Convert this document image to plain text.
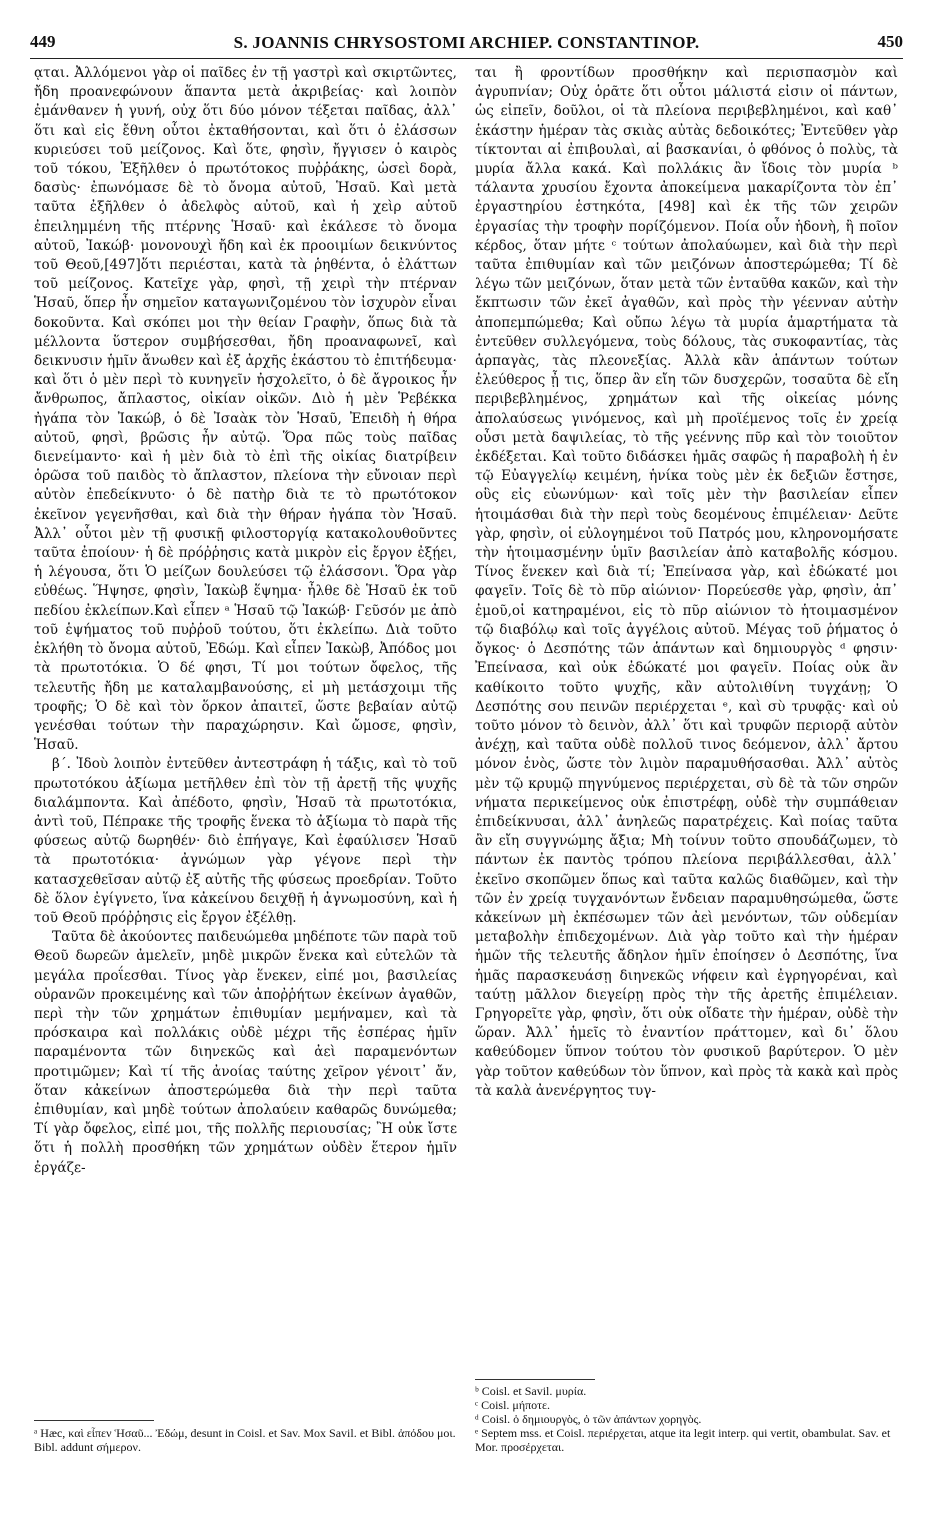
449	S. JOANNIS CHRYSOSTOMI ARCHIEP. CONSTANTINOP.	450

ᾳται. Ἀλλόμενοι γὰρ οἱ παῖδες ἐν τῇ γαστρὶ καὶ σκιρτῶντες, ἤδη προανεφώνουν ἅπαντα μετὰ ἀκριβείας· καὶ λοιπὸν ἐμάνθανεν ἡ γυνή, οὐχ ὅτι δύο μόνον τέξεται παῖδας, ἀλλ᾽ ὅτι καὶ εἰς ἔθνη οὗτοι ἐκταθήσονται, καὶ ὅτι ὁ ἐλάσσων κυριεύσει τοῦ μείζονος. Καὶ ὅτε, φησὶν, ἤγγισεν ὁ καιρὸς τοῦ τόκου, Ἐξῆλθεν ὁ πρωτότοκος πυῤῥάκης, ὡσεὶ δορὰ, δασὺς· ἐπωνόμασε δὲ τὸ ὄνομα αὐτοῦ, Ἡσαῦ. Καὶ μετὰ ταῦτα ἐξῆλθεν ὁ ἀδελφὸς αὐτοῦ, καὶ ἡ χεὶρ αὐτοῦ ἐπειλημμένη τῆς πτέρνης Ἡσαῦ· καὶ ἐκάλεσε τὸ ὄνομα αὐτοῦ, Ἰακώβ· μονονουχὶ ἤδη καὶ ἐκ προοιμίων δεικνύντος τοῦ Θεοῦ,[497]ὅτι περιέσται, κατὰ τὰ ῥηθέντα, ὁ ἐλάττων τοῦ μείζονος. Κατεῖχε γὰρ, φησὶ, τῇ χειρὶ τὴν πτέρναν Ἡσαῦ, ὅπερ ἦν σημεῖον καταγωνιζομένου τὸν ἰσχυρὸν εἶναι δοκοῦντα. Καὶ σκόπει μοι τὴν θείαν Γραφὴν, ὅπως διὰ τὰ μέλλοντα ὕστερον συμβήσεσθαι, ἤδη προαναφωνεῖ, καὶ δεικνυσιν ἡμῖν ἄνωθεν καὶ ἐξ ἀρχῆς ἑκάστου τὸ ἐπιτήδευμα· καὶ ὅτι ὁ μὲν περὶ τὸ κυνηγεῖν ἠσχολεῖτο, ὁ δὲ ἄγροικος ἦν ἄνθρωπος, ἄπλαστος, οἰκίαν οἰκῶν. Διὸ ἡ μὲν Ῥεβέκκα ἠγάπα τὸν Ἰακώβ, ὁ δὲ Ἰσαὰκ τὸν Ἡσαῦ, Ἐπειδὴ ἡ θήρα αὐτοῦ, φησὶ, βρῶσις ἦν αὐτῷ. Ὅρα πῶς τοὺς παῖδας διενείμαντο· καὶ ἡ μὲν διὰ τὸ ἐπὶ τῆς οἰκίας διατρίβειν ὁρῶσα τοῦ παιδὸς τὸ ἄπλαστον, πλείονα τὴν εὔνοιαν περὶ αὐτὸν ἐπεδείκνυτο· ὁ δὲ πατὴρ διὰ τε τὸ πρωτότοκον ἐκεῖνον γεγενῆσθαι, καὶ διὰ τὴν θήραν ἠγάπα τὸν Ἡσαῦ. Ἀλλ᾽ οὗτοι μὲν τῇ φυσικῇ φιλοστοργίᾳ κατακολουθοῦντες ταῦτα ἐποίουν· ἡ δὲ πρόῤῥησις κατὰ μικρὸν εἰς ἔργον ἐξῄει, ἡ λέγουσα, ὅτι Ὁ μείζων δουλεύσει τῷ ἐλάσσονι. Ὅρα γὰρ εὐθέως. Ἥψησε, φησὶν, Ἰακὼβ ἕψημα· ἦλθε δὲ Ἡσαῦ ἐκ τοῦ πεδίου ἐκλείπων.Καὶ εἶπεν ᵃ Ἡσαῦ τῷ Ἰακώβ· Γεῦσόν με ἀπὸ τοῦ ἑψήματος τοῦ πυῤῥοῦ τούτου, ὅτι ἐκλείπω. Διὰ τοῦτο ἐκλήθη τὸ ὄνομα αὐτοῦ, Ἐδώμ. Καὶ εἶπεν Ἰακὼβ, Ἀπόδος μοι τὰ πρωτοτόκια. Ὁ δέ φησι, Τί μοι τούτων ὄφελος, τῆς τελευτῆς ἤδη με καταλαμβανούσης, εἰ μὴ μετάσχοιμι τῆς τροφῆς; Ὁ δὲ καὶ τὸν ὅρκον ἀπαιτεῖ, ὥστε βεβαίαν αὐτῷ γενέσθαι τούτων τὴν παραχώρησιν. Καὶ ὤμοσε, φησὶν, Ἡσαῦ.

β΄. Ἰδοὺ λοιπὸν ἐντεῦθεν ἀντεστράφη ἡ τάξις, καὶ τὸ τοῦ πρωτοτόκου ἀξίωμα μετῆλθεν ἐπὶ τὸν τῇ ἀρετῇ τῆς ψυχῆς διαλάμποντα. Καὶ ἀπέδοτο, φησὶν, Ἡσαῦ τὰ πρωτοτόκια, ἀντὶ τοῦ, Πέπρακε τῆς τροφῆς ἕνεκα τὸ ἀξίωμα τὸ παρὰ τῆς φύσεως αὐτῷ δωρηθέν· διὸ ἐπήγαγε, Καὶ ἐφαύλισεν Ἡσαῦ τὰ πρωτοτόκια· ἀγνώμων γὰρ γέγονε περὶ τὴν κατασχεθεῖσαν αὐτῷ ἐξ αὐτῆς τῆς φύσεως προεδρίαν. Τοῦτο δὲ ὅλον ἐγίγνετο, ἵνα κἀκείνου δειχθῇ ἡ ἀγνωμοσύνη, καὶ ἡ τοῦ Θεοῦ πρόῤῥησις εἰς ἔργον ἐξέλθῃ.

Ταῦτα δὲ ἀκούοντες παιδευώμεθα μηδέποτε τῶν παρὰ τοῦ Θεοῦ δωρεῶν ἀμελεῖν, μηδὲ μικρῶν ἕνεκα καὶ εὐτελῶν τὰ μεγάλα προΐεσθαι. Τίνος γὰρ ἕνεκεν, εἰπέ μοι, βασιλείας οὐρανῶν προκειμένης καὶ τῶν ἀποῤῥήτων ἐκείνων ἀγαθῶν, περὶ τὴν τῶν χρημάτων ἐπιθυμίαν μεμήναμεν, καὶ τὰ πρόσκαιρα καὶ πολλάκις οὐδὲ μέχρι τῆς ἑσπέρας ἡμῖν παραμένοντα τῶν διηνεκῶς καὶ ἀεὶ παραμενόντων προτιμῶμεν; Καὶ τί τῆς ἀνοίας ταύτης χεῖρον γένοιτ᾽ ἄν, ὅταν κἀκείνων ἀποστερώμεθα διὰ τὴν περὶ ταῦτα ἐπιθυμίαν, καὶ μηδὲ τούτων ἀπολαύειν καθαρῶς δυνώμεθα; Τί γὰρ ὄφελος, εἰπέ μοι, τῆς πολλῆς περιουσίας; Ἢ οὐκ ἴστε ὅτι ἡ πολλὴ προσθήκη τῶν χρημάτων οὐδὲν ἕτερον ἡμῖν ἐργάζε-

ται ἢ φροντίδων προσθήκην καὶ περισπασμὸν καὶ ἀγρυπνίαν; Οὐχ ὁρᾶτε ὅτι οὗτοι μάλιστά εἰσιν οἱ πάντων, ὡς εἰπεῖν, δοῦλοι, οἱ τὰ πλείονα περιβεβλημένοι, καὶ καθ᾽ ἑκάστην ἡμέραν τὰς σκιὰς αὐτὰς δεδοικότες; Ἐντεῦθεν γὰρ τίκτονται αἱ ἐπιβουλαὶ, αἱ βασκανίαι, ὁ φθόνος ὁ πολὺς, τὰ μυρία ἄλλα κακά. Καὶ πολλάκις ἂν ἴδοις τὸν μυρία ᵇ τάλαντα χρυσίου ἔχοντα ἀποκείμενα μακαρίζοντα τὸν ἐπ᾽ ἐργαστηρίου ἑστηκότα, [498] καὶ ἐκ τῆς τῶν χειρῶν ἐργασίας τὴν τροφὴν πορίζόμενον. Ποία οὖν ἡδονὴ, ἢ ποῖον κέρδος, ὅταν μήτε ᶜ τούτων ἀπολαύωμεν, καὶ διὰ τὴν περὶ ταῦτα ἐπιθυμίαν καὶ τῶν μειζόνων ἀποστερώμεθα; Τί δὲ λέγω τῶν μειζόνων, ὅταν μετὰ τῶν ἐνταῦθα κακῶν, καὶ τὴν ἔκπτωσιν τῶν ἐκεῖ ἀγαθῶν, καὶ πρὸς τὴν γέενναν αὐτὴν ἀποπεμπώμεθα; Καὶ οὔπω λέγω τὰ μυρία ἁμαρτήματα τὰ ἐντεῦθεν συλλεγόμενα, τοὺς δόλους, τὰς συκοφαντίας, τὰς ἁρπαγὰς, τὰς πλεονεξίας. Ἀλλὰ κἂν ἁπάντων τούτων ἐλεύθερος ᾖ τις, ὅπερ ἂν εἴη τῶν δυσχερῶν, τοσαῦτα δὲ εἴη περιβεβλημένος, χρημάτων καὶ τῆς οἰκείας μόνης ἀπολαύσεως γινόμενος, καὶ μὴ προϊέμενος τοῖς ἐν χρείᾳ οὖσι μετὰ δαψιλείας, τὸ τῆς γεέννης πῦρ καὶ τὸν τοιοῦτον ἐκδέξεται. Καὶ τοῦτο διδάσκει ἡμᾶς σαφῶς ἡ παραβολὴ ἡ ἐν τῷ Εὐαγγελίῳ κειμένη, ἡνίκα τοὺς μὲν ἐκ δεξιῶν ἔστησε, οὓς εἰς εὐωνύμων· καὶ τοῖς μὲν τὴν βασιλείαν εἶπεν ἡτοιμάσθαι διὰ τὴν περὶ τοὺς δεομένους ἐπιμέλειαν· Δεῦτε γὰρ, φησὶν, οἱ εὐλογημένοι τοῦ Πατρός μου, κληρονομήσατε τὴν ἡτοιμασμένην ὑμῖν βασιλείαν ἀπὸ καταβολῆς κόσμου. Τίνος ἕνεκεν καὶ διὰ τί; Ἐπείνασα γὰρ, καὶ ἐδώκατέ μοι φαγεῖν. Τοῖς δὲ τὸ πῦρ αἰώνιον· Πορεύεσθε γὰρ, φησὶν, ἀπ᾽ ἐμοῦ,οἱ κατηραμένοι, εἰς τὸ πῦρ αἰώνιον τὸ ἡτοιμασμένον τῷ διαβόλῳ καὶ τοῖς ἀγγέλοις αὐτοῦ. Μέγας τοῦ ῥήματος ὁ ὄγκος· ὁ Δεσπότης τῶν ἁπάντων καὶ δημιουργὸς ᵈ φησιν· Ἐπείνασα, καὶ οὐκ ἐδώκατέ μοι φαγεῖν. Ποίας οὐκ ἂν καθίκοιτο τοῦτο ψυχῆς, κἂν αὐτολιθίνη τυγχάνῃ; Ὁ Δεσπότης σου πεινῶν περιέρχεται ᵉ, καὶ σὺ τρυφᾷς· καὶ οὐ τοῦτο μόνον τὸ δεινὸν, ἀλλ᾽ ὅτι καὶ τρυφῶν περιορᾷ αὐτὸν ἀνέχῃ, καὶ ταῦτα οὐδὲ πολλοῦ τινος δεόμενον, ἀλλ᾽ ἄρτου μόνον ἑνὸς, ὥστε τὸν λιμὸν παραμυθήσασθαι. Ἀλλ᾽ αὐτὸς μὲν τῷ κρυμῷ πηγνύμενος περιέρχεται, σὺ δὲ τὰ τῶν σηρῶν νήματα περικείμενος οὐκ ἐπιστρέφῃ, οὐδὲ τὴν συμπάθειαν ἐπιδείκνυσαι, ἀλλ᾽ ἀνηλεῶς παρατρέχεις. Καὶ ποίας ταῦτα ἂν εἴη συγγνώμης ἄξια; Μὴ τοίνυν τοῦτο σπουδάζωμεν, τὸ πάντων ἐκ παντὸς τρόπου πλείονα περιβάλλεσθαι, ἀλλ᾽ ἐκεῖνο σκοπῶμεν ὅπως καὶ ταῦτα καλῶς διαθῶμεν, καὶ τὴν τῶν ἐν χρείᾳ τυγχανόντων ἔνδειαν παραμυθησώμεθα, ὥστε κἀκείνων μὴ ἐκπέσωμεν τῶν ἀεὶ μενόντων, τῶν οὐδεμίαν μεταβολὴν ἐπιδεχομένων. Διὰ γὰρ τοῦτο καὶ τὴν ἡμέραν ἡμῶν τῆς τελευτῆς ἄδηλον ἡμῖν ἐποίησεν ὁ Δεσπότης, ἵνα ἡμᾶς παρασκευάσῃ διηνεκῶς νήφειν καὶ ἐγρηγορέναι, καὶ ταύτῃ μᾶλλον διεγείρῃ πρὸς τὴν τῆς ἀρετῆς ἐπιμέλειαν. Γρηγορεῖτε γὰρ, φησὶν, ὅτι οὐκ οἴδατε τὴν ἡμέραν, οὐδὲ τὴν ὥραν. Ἀλλ᾽ ἡμεῖς τὸ ἐναντίον πράττομεν, καὶ δι᾽ ὅλου καθεύδομεν ὕπνον τούτου τὸν φυσικοῦ βαρύτερον. Ὁ μὲν γὰρ τοῦτον καθεύδων τὸν ὕπνον, καὶ πρὸς τὰ κακὰ καὶ πρὸς τὰ καλὰ ἀνενέργητος τυγ-

ᵃ Hæc, καὶ εἶπεν Ἡσαῦ... Ἐδώμ, desunt in Coisl. et Sav. Mox Savil. et Bibl. ἀπόδου μοι. Bibl. addunt σήμερον.

ᵇ Coisl. et Savil. μυρία.

ᶜ Coisl. μήποτε.

ᵈ Coisl. ὁ δημιουργὸς, ὁ τῶν ἁπάντων χορηγὸς.

ᵉ Septem mss. et Coisl. περιέρχεται, atque ita legit interp. qui vertit, obambulat. Sav. et Mor. προσέρχεται.
